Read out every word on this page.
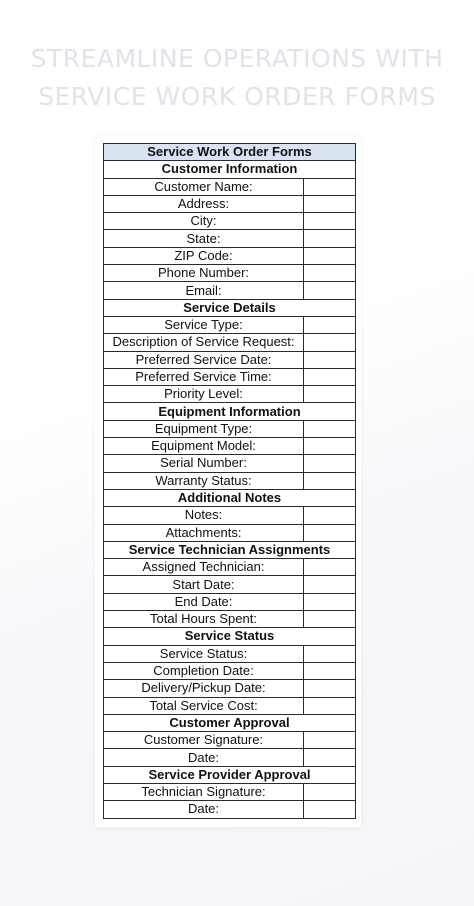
STREAMLINE OPERATIONS WITH
SERVICE WORK ORDER FORMS
Service Work Order Forms	
Customer Information	
Customer Name:	
Address:	
City:	
State:	
ZIP Code:	
Phone Number:	
Email:	
Service Details	
Service Type:	
Description of Service Request:	
Preferred Service Date:	
Preferred Service Time:	
Priority Level:	
Equipment Information	
Equipment Type:	
Equipment Model:	
Serial Number:	
Warranty Status:	
Additional Notes	
Notes:	
Attachments:	
Service Technician Assignments	
Assigned Technician:	
Start Date:	
End Date:	
Total Hours Spent:	
Service Status	
Service Status:	
Completion Date:	
Delivery/Pickup Date:	
Total Service Cost:	
Customer Approval	
Customer Signature:	
Date:	
Service Provider Approval	
Technician Signature:	
Date:	
